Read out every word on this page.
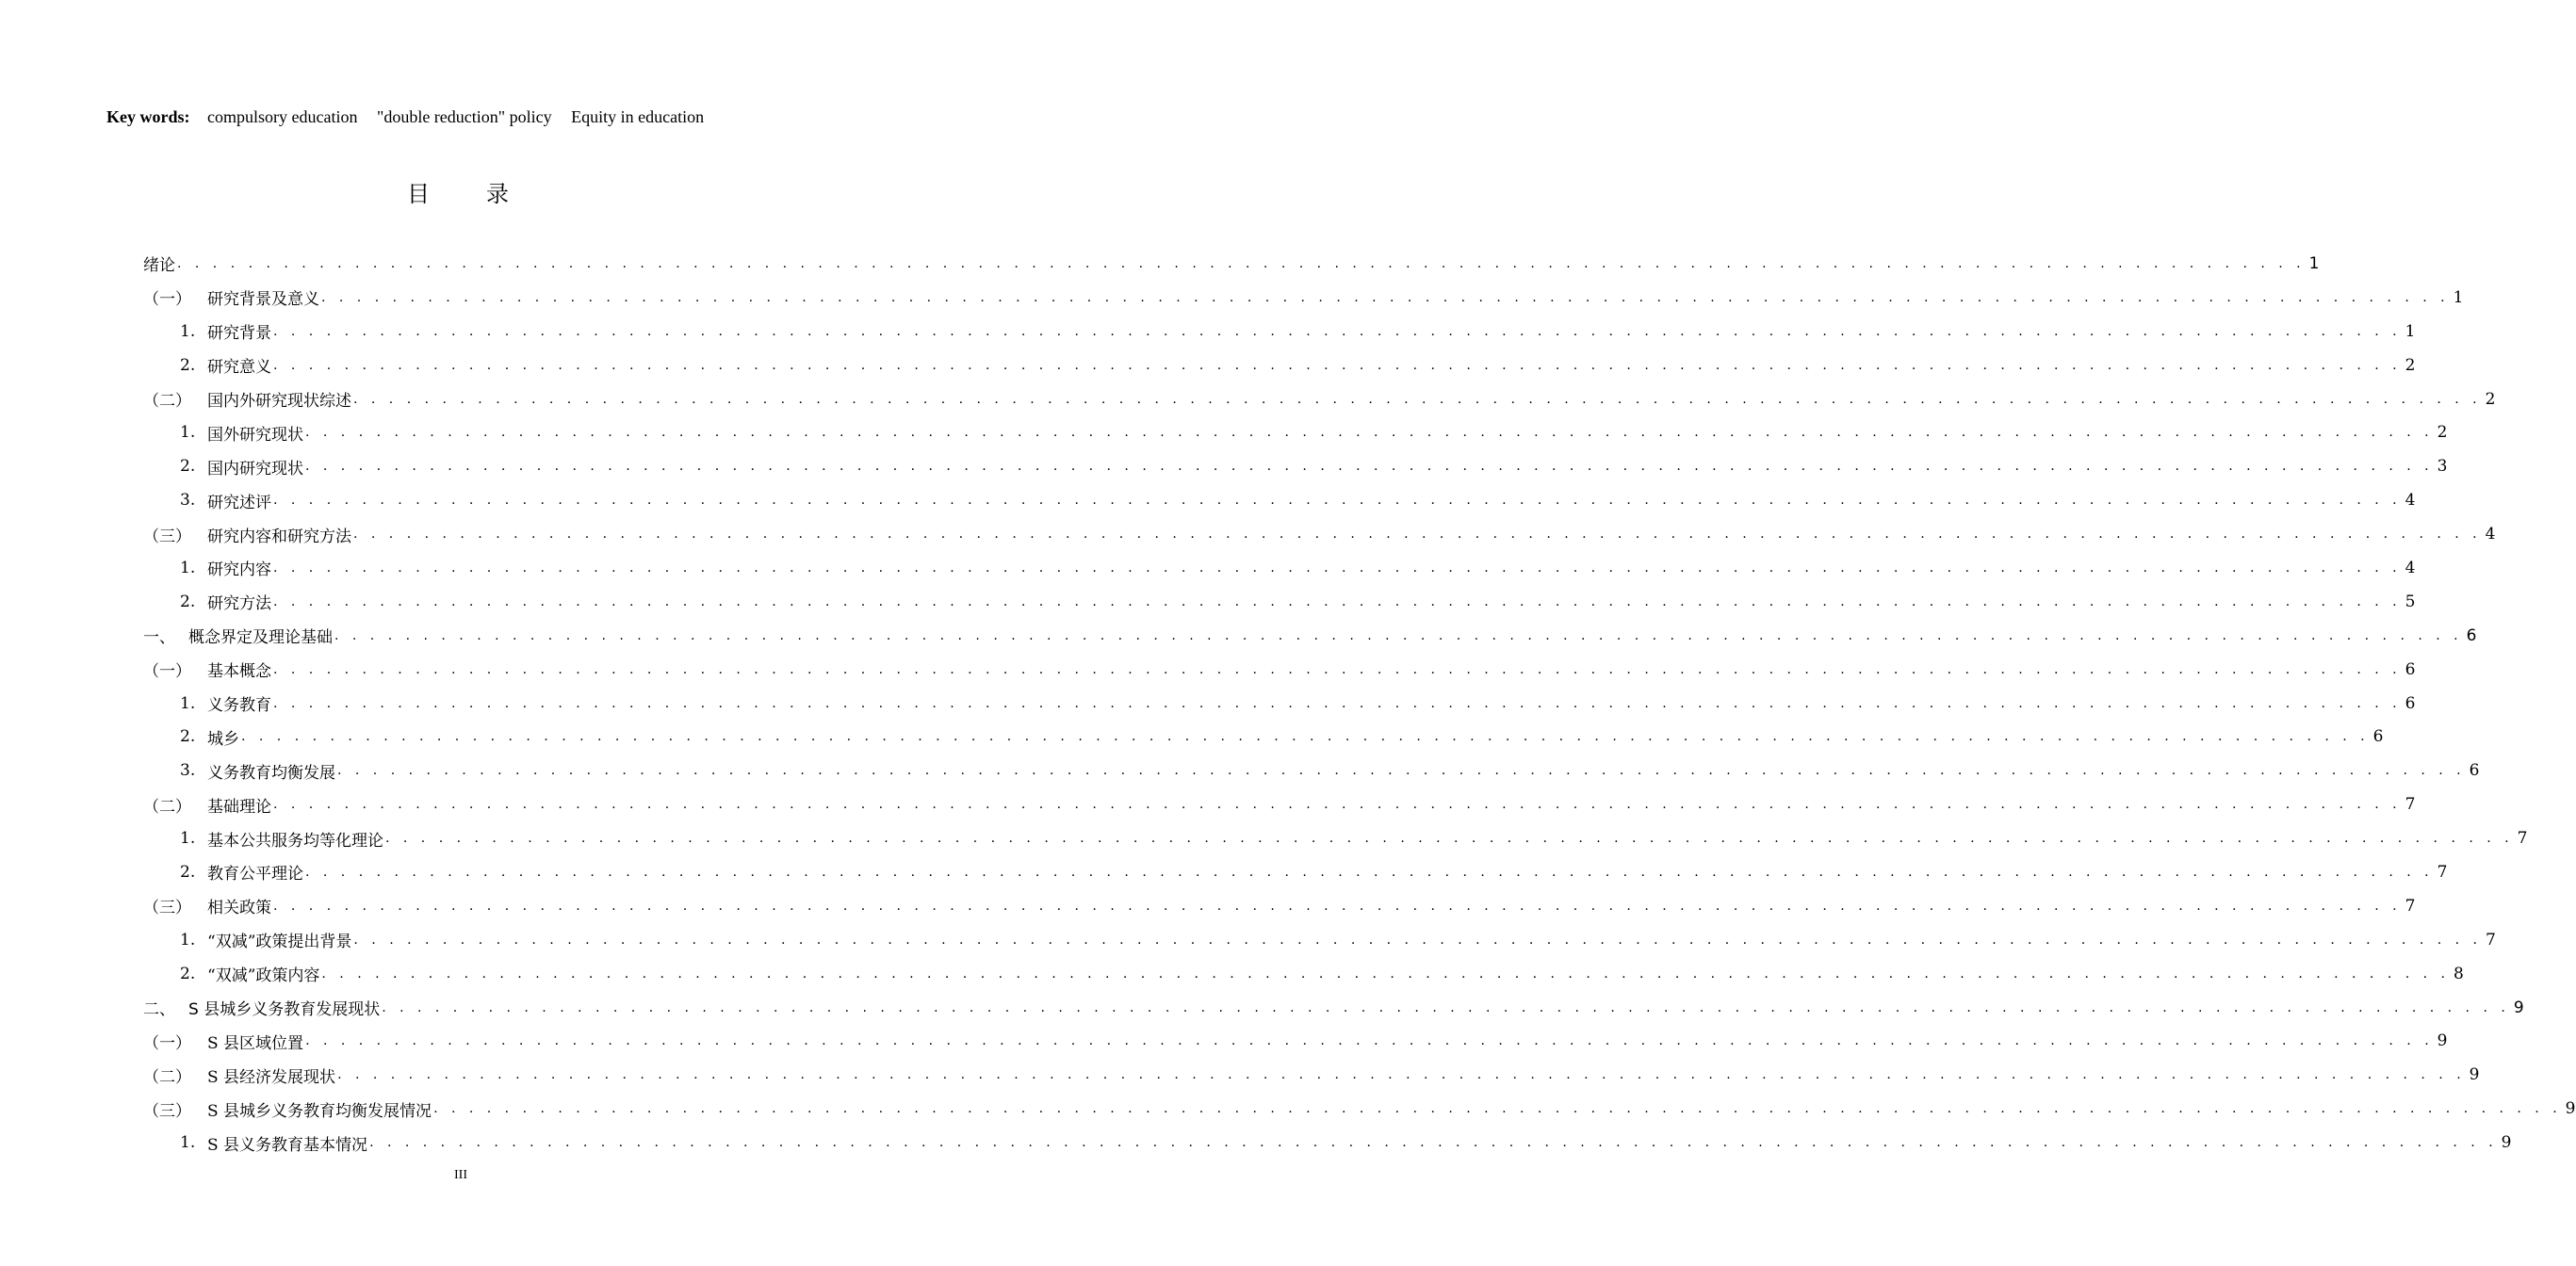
Key words: compulsory education "double reduction" policy Equity in education
目　录
绪论 . . . . . . . . . . . . . . . . . . . . . . . . . . . . . . . . . . . . . . . . . . . . . . . . . . . . . . . . . . . . . . . . . . . . . . . . . . . . . . . . . . . . . . . . . . . . . . . . . . . . . . . . . . . . . . . . . . . . . . . . 1
（一）	研究背景及意义 . . . . . . . . . . . . . . . . . . . . . . . . . . . . . . . . . . . . . . . . . . . . . . . . . . . . . . . . . . . . . . . . . . . . . . . . . . . . . . . . . . . . . . . . . . . . . . . . . . . . . . . . . . . . . . . . . . . . . . . . 1
1. 研究背景 . . . . . . . . . . . . . . . . . . . . . . . . . . . . . . . . . . . . . . . . . . . . . . . . . . . . . . . . . . . . . . . . . . . . . . . . . . . . . . . . . . . . . . . . . . . . . . . . . . . . . . . . . . . . . . . . . . . . . . . . 1
2. 研究意义 . . . . . . . . . . . . . . . . . . . . . . . . . . . . . . . . . . . . . . . . . . . . . . . . . . . . . . . . . . . . . . . . . . . . . . . . . . . . . . . . . . . . . . . . . . . . . . . . . . . . . . . . . . . . . . . . . . . . . . . . 2
（二）	国内外研究现状综述 . . . . . . . . . . . . . . . . . . . . . . . . . . . . . . . . . . . . . . . . . . . . . . . . . . . . . . . . . . . . . . . . . . . . . . . . . . . . . . . . . . . . . . . . . . . . . . . . . . . . . . . . . . . . . . . . . . . . . . . . 2
1. 国外研究现状 . . . . . . . . . . . . . . . . . . . . . . . . . . . . . . . . . . . . . . . . . . . . . . . . . . . . . . . . . . . . . . . . . . . . . . . . . . . . . . . . . . . . . . . . . . . . . . . . . . . . . . . . . . . . . . . . . . . . . . . . 2
2. 国内研究现状 . . . . . . . . . . . . . . . . . . . . . . . . . . . . . . . . . . . . . . . . . . . . . . . . . . . . . . . . . . . . . . . . . . . . . . . . . . . . . . . . . . . . . . . . . . . . . . . . . . . . . . . . . . . . . . . . . . . . . . . . 3
3. 研究述评 . . . . . . . . . . . . . . . . . . . . . . . . . . . . . . . . . . . . . . . . . . . . . . . . . . . . . . . . . . . . . . . . . . . . . . . . . . . . . . . . . . . . . . . . . . . . . . . . . . . . . . . . . . . . . . . . . . . . . . . . 4
（三）	研究内容和研究方法 . . . . . . . . . . . . . . . . . . . . . . . . . . . . . . . . . . . . . . . . . . . . . . . . . . . . . . . . . . . . . . . . . . . . . . . . . . . . . . . . . . . . . . . . . . . . . . . . . . . . . . . . . . . . . . . . . . . . . . . . 4
1. 研究内容 . . . . . . . . . . . . . . . . . . . . . . . . . . . . . . . . . . . . . . . . . . . . . . . . . . . . . . . . . . . . . . . . . . . . . . . . . . . . . . . . . . . . . . . . . . . . . . . . . . . . . . . . . . . . . . . . . . . . . . . . 4
2. 研究方法 . . . . . . . . . . . . . . . . . . . . . . . . . . . . . . . . . . . . . . . . . . . . . . . . . . . . . . . . . . . . . . . . . . . . . . . . . . . . . . . . . . . . . . . . . . . . . . . . . . . . . . . . . . . . . . . . . . . . . . . . 5
一、 概念界定及理论基础 . . . . . . . . . . . . . . . . . . . . . . . . . . . . . . . . . . . . . . . . . . . . . . . . . . . . . . . . . . . . . . . . . . . . . . . . . . . . . . . . . . . . . . . . . . . . . . . . . . . . . . . . . . . . . . . . . . . . . . . . 6
（一）	基本概念 . . . . . . . . . . . . . . . . . . . . . . . . . . . . . . . . . . . . . . . . . . . . . . . . . . . . . . . . . . . . . . . . . . . . . . . . . . . . . . . . . . . . . . . . . . . . . . . . . . . . . . . . . . . . . . . . . . . . . . . . 6
1. 义务教育 . . . . . . . . . . . . . . . . . . . . . . . . . . . . . . . . . . . . . . . . . . . . . . . . . . . . . . . . . . . . . . . . . . . . . . . . . . . . . . . . . . . . . . . . . . . . . . . . . . . . . . . . . . . . . . . . . . . . . . . . 6
2. 城乡 . . . . . . . . . . . . . . . . . . . . . . . . . . . . . . . . . . . . . . . . . . . . . . . . . . . . . . . . . . . . . . . . . . . . . . . . . . . . . . . . . . . . . . . . . . . . . . . . . . . . . . . . . . . . . . . . . . . . . . . . 6
3. 义务教育均衡发展 . . . . . . . . . . . . . . . . . . . . . . . . . . . . . . . . . . . . . . . . . . . . . . . . . . . . . . . . . . . . . . . . . . . . . . . . . . . . . . . . . . . . . . . . . . . . . . . . . . . . . . . . . . . . . . . . . . . . . . . . 6
（二）	基础理论 . . . . . . . . . . . . . . . . . . . . . . . . . . . . . . . . . . . . . . . . . . . . . . . . . . . . . . . . . . . . . . . . . . . . . . . . . . . . . . . . . . . . . . . . . . . . . . . . . . . . . . . . . . . . . . . . . . . . . . . . 7
1. 基本公共服务均等化理论 . . . . . . . . . . . . . . . . . . . . . . . . . . . . . . . . . . . . . . . . . . . . . . . . . . . . . . . . . . . . . . . . . . . . . . . . . . . . . . . . . . . . . . . . . . . . . . . . . . . . . . . . . . . . . . . . . . . . . . . . 7
2. 教育公平理论 . . . . . . . . . . . . . . . . . . . . . . . . . . . . . . . . . . . . . . . . . . . . . . . . . . . . . . . . . . . . . . . . . . . . . . . . . . . . . . . . . . . . . . . . . . . . . . . . . . . . . . . . . . . . . . . . . . . . . . . . 7
（三）	相关政策 . . . . . . . . . . . . . . . . . . . . . . . . . . . . . . . . . . . . . . . . . . . . . . . . . . . . . . . . . . . . . . . . . . . . . . . . . . . . . . . . . . . . . . . . . . . . . . . . . . . . . . . . . . . . . . . . . . . . . . . . 7
1. “双减”政策提出背景 . . . . . . . . . . . . . . . . . . . . . . . . . . . . . . . . . . . . . . . . . . . . . . . . . . . . . . . . . . . . . . . . . . . . . . . . . . . . . . . . . . . . . . . . . . . . . . . . . . . . . . . . . . . . . . . . . . . . . . . . 7
2. “双减”政策内容 . . . . . . . . . . . . . . . . . . . . . . . . . . . . . . . . . . . . . . . . . . . . . . . . . . . . . . . . . . . . . . . . . . . . . . . . . . . . . . . . . . . . . . . . . . . . . . . . . . . . . . . . . . . . . . . . . . . . . . . . 8
二、 S 县城乡义务教育发展现状 . . . . . . . . . . . . . . . . . . . . . . . . . . . . . . . . . . . . . . . . . . . . . . . . . . . . . . . . . . . . . . . . . . . . . . . . . . . . . . . . . . . . . . . . . . . . . . . . . . . . . . . . . . . . . . . . . . . . . . . . 9
（一）	S 县区域位置 . . . . . . . . . . . . . . . . . . . . . . . . . . . . . . . . . . . . . . . . . . . . . . . . . . . . . . . . . . . . . . . . . . . . . . . . . . . . . . . . . . . . . . . . . . . . . . . . . . . . . . . . . . . . . . . . . . . . . . . . 9
（二）	S 县经济发展现状 . . . . . . . . . . . . . . . . . . . . . . . . . . . . . . . . . . . . . . . . . . . . . . . . . . . . . . . . . . . . . . . . . . . . . . . . . . . . . . . . . . . . . . . . . . . . . . . . . . . . . . . . . . . . . . . . . . . . . . . . 9
（三）	S 县城乡义务教育均衡发展情况 . . . . . . . . . . . . . . . . . . . . . . . . . . . . . . . . . . . . . . . . . . . . . . . . . . . . . . . . . . . . . . . . . . . . . . . . . . . . . . . . . . . . . . . . . . . . . . . . . . . . . . . . . . . . . . . . . . . . . . . . 9
1. S 县义务教育基本情况 . . . . . . . . . . . . . . . . . . . . . . . . . . . . . . . . . . . . . . . . . . . . . . . . . . . . . . . . . . . . . . . . . . . . . . . . . . . . . . . . . . . . . . . . . . . . . . . . . . . . . . . . . . . . . . . . . . . . . . . . 9
III
